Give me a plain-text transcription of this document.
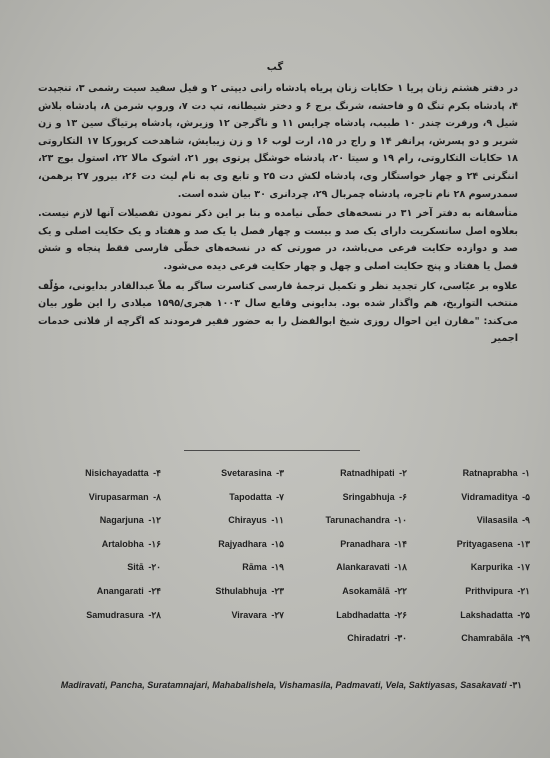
گب

در دفتر هشتم زنان پریا ۱ حکایات زنان پریاه پادشاه رانی دیپتی ۲ و فیل سفید سیت رشمی ۳، تنجپدت ۴، پادشاه بکرم تنگ ۵ و فاحشه، شرنگ برج ۶ و دختر شیطانه، تپ دت ۷، وروپ شرمن ۸، پادشاه بلاش شیل ۹، ورفرت چندر ۱۰ طبیب، پادشاه چرایس ۱۱ و ناگرجن ۱۲ وزیرش، پادشاه پرتیاگ سین ۱۳ و زن شریر و دو پسرش، پرانفر ۱۴ و راج در ۱۵، ارت لوب ۱۶ و زن زیبایش، شاهدخت کرپورکا ۱۷ التکاروتی ۱۸ حکایات التکاروتی، رام ۱۹ و سیتا ۲۰، پادشاه خوشگل پرتوی پور ۲۱، اشوک مالا ۲۲، استول بوج ۲۳، اننگرتی ۲۴ و چهار خواستگار وی، پادشاه لکش دت ۲۵ و تابع وی به نام لیث دت ۲۶، بیرور ۲۷ برهمن، سمدرسوم ۲۸ نام تاجره، پادشاه چمربال ۲۹، چردانری ۳۰ بیان شده است.

متأسفانه به دفتر آخر ۳۱ در نسخه‌های خطّی نیامده و بنا بر این ذکر نمودن تفصیلات آنها لازم نیست. بعلاوه اصل سانسکریت دارای یک صد و بیست و چهار فصل یا یک صد و هفتاد و یک حکایت اصلی و یک صد و دوازده حکایت فرعی می‌باشد، در صورتی که در نسخه‌های خطّی فارسی فقط پنجاه و شش فصل یا هفتاد و پنج حکایت اصلی و چهل و چهار حکایت فرعی دیده می‌شود.

علاوه بر عبّاسی، کار تجدید نظر و تکمیل ترجمهٔ فارسی کتاسرت ساگر به ملاّ عبدالقادر بدایونی، مؤلّف منتخب التواریخ، هم واگذار شده بود. بدایونی وقایع سال ۱۰۰۳ هجری/۱۵۹۵ میلادی را این طور بیان می‌کند: "مقارن این احوال روزی شیخ ابوالفضل را به حضور فقیر فرمودند که اگرچه از فلانی خدمات اجمیر

Ratnaprabha -۱
Ratnadhipati -۲
Svetarasina -۳
Nisichayadatta -۴
Vidramaditya -۵
Sringabhuja -۶
Tapodatta -۷
Virupasarman -۸
Vilasasila -۹
Tarunachandra -۱۰
Chirayus -۱۱
Nagarjuna -۱۲
Prityagasena -۱۳
Pranadhara -۱۴
Rajyadhara -۱۵
Artalobha -۱۶
Karpurika -۱۷
Alankaravati -۱۸
Rāma -۱۹
Sitā -۲۰
Prithvipura -۲۱
Asokamālā -۲۲
Sthulabhuja -۲۳
Anangarati -۲۴
Lakshadatta -۲۵
Labdhadatta -۲۶
Viravara -۲۷
Samudrasura -۲۸
Chamrabāla -۲۹
Chiradatri -۳۰
Madiravati, Pancha, Suratamnajari, Mahabalishela, Vishamasila, Padmavati, Vela, Saktiyasas, Sasakavati -۳۱
